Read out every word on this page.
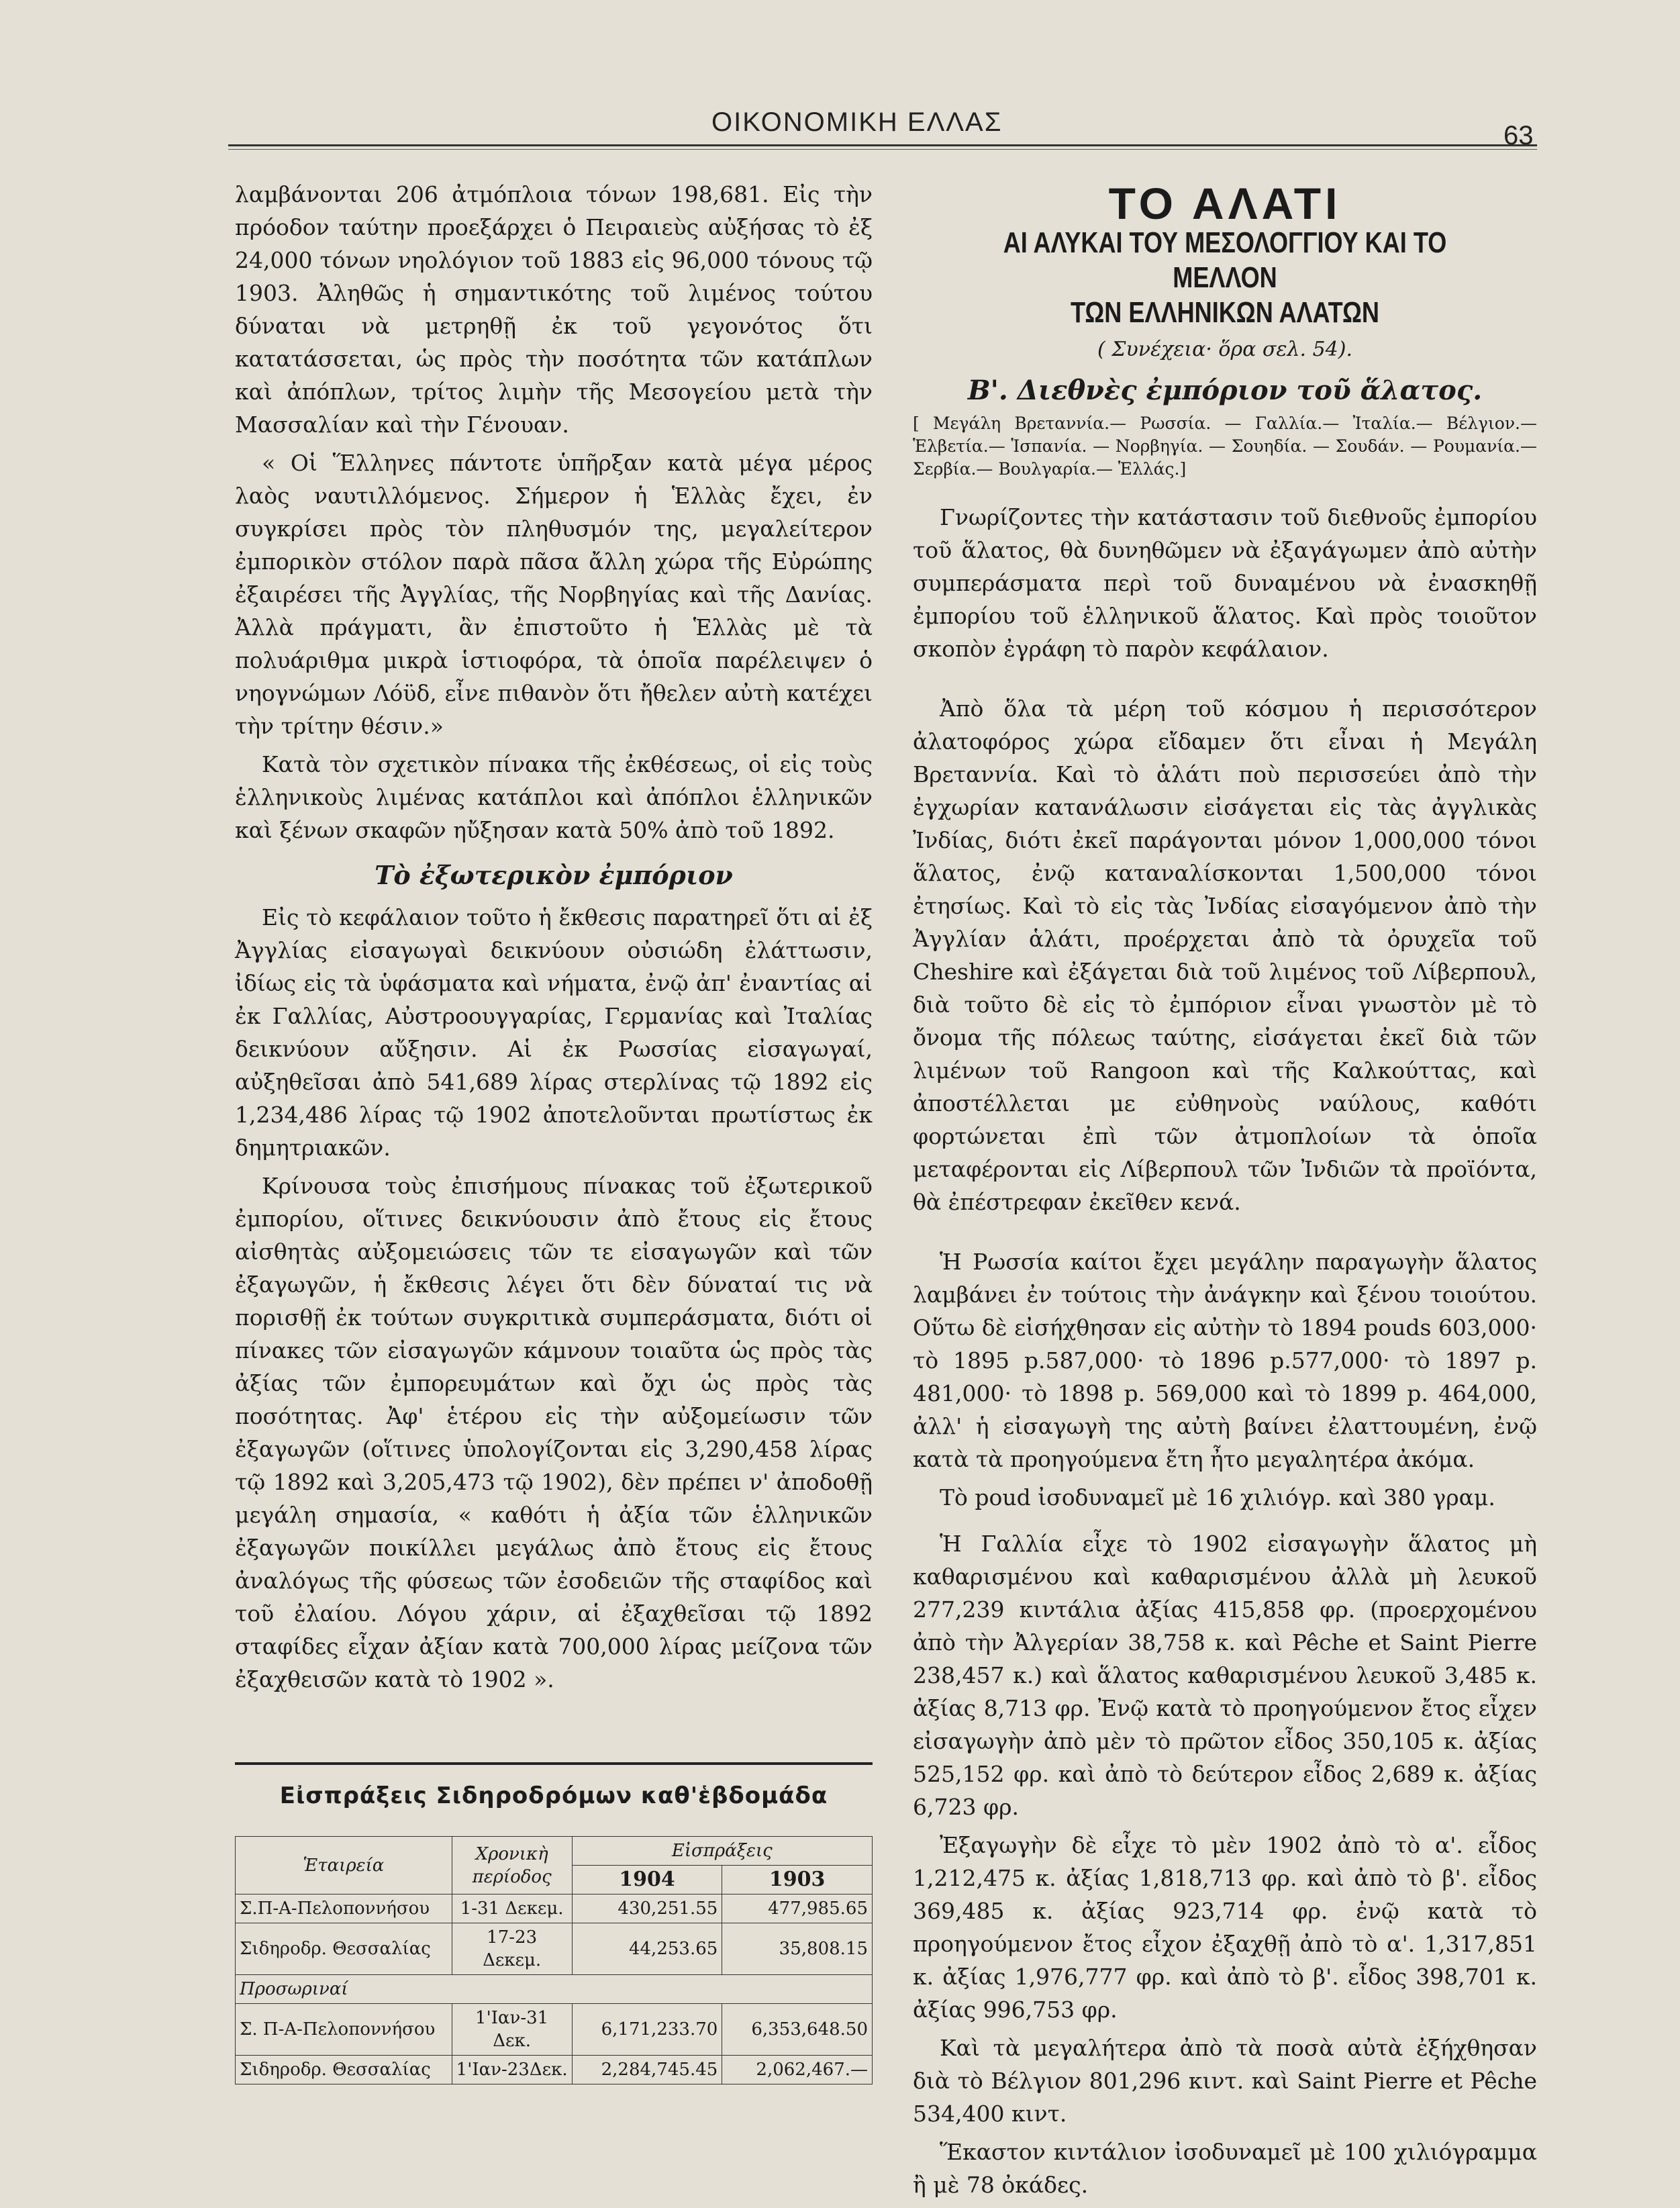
ΟΙΚΟΝΟΜΙΚΗ ΕΛΛΑΣ	63

λαμβάνονται 206 ἀτμόπλοια τόνων 198,681. Εἰς τὴν πρόοδον ταύτην προεξάρχει ὁ Πειραιεὺς αὐξήσας τὸ ἐξ 24,000 τόνων νηολόγιον τοῦ 1883 εἰς 96,000 τόνους τῷ 1903. Ἀληθῶς ἡ σημαντικότης τοῦ λιμένος τούτου δύναται νὰ μετρηθῇ ἐκ τοῦ γεγονότος ὅτι κατατάσσεται, ὡς πρὸς τὴν ποσότητα τῶν κατάπλων καὶ ἀπόπλων, τρίτος λιμὴν τῆς Μεσογείου μετὰ τὴν Μασσαλίαν καὶ τὴν Γένουαν.

« Οἱ Ἕλληνες πάντοτε ὑπῆρξαν κατὰ μέγα μέρος λαὸς ναυτιλλόμενος. Σήμερον ἡ Ἑλλὰς ἔχει, ἐν συγκρίσει πρὸς τὸν πληθυσμόν της, μεγαλείτερον ἐμπορικὸν στόλον παρὰ πᾶσα ἄλλη χώρα τῆς Εὐρώπης ἐξαιρέσει τῆς Ἀγγλίας, τῆς Νορβηγίας καὶ τῆς Δανίας. Ἀλλὰ πράγματι, ἂν ἐπιστοῦτο ἡ Ἑλλὰς μὲ τὰ πολυάριθμα μικρὰ ἱστιοφόρα, τὰ ὁποῖα παρέλειψεν ὁ νηογνώμων Λόϋδ, εἶνε πιθανὸν ὅτι ἤθελεν αὐτὴ κατέχει τὴν τρίτην θέσιν.»

Κατὰ τὸν σχετικὸν πίνακα τῆς ἐκθέσεως, οἱ εἰς τοὺς ἑλληνικοὺς λιμένας κατάπλοι καὶ ἀπόπλοι ἑλληνικῶν καὶ ξένων σκαφῶν ηὔξησαν κατὰ 50% ἀπὸ τοῦ 1892.

Τὸ ἐξωτερικὸν ἐμπόριον

Εἰς τὸ κεφάλαιον τοῦτο ἡ ἔκθεσις παρατηρεῖ ὅτι αἱ ἐξ Ἀγγλίας εἰσαγωγαὶ δεικνύουν οὐσιώδη ἐλάττωσιν, ἰδίως εἰς τὰ ὑφάσματα καὶ νήματα, ἐνῷ ἀπ' ἐναντίας αἱ ἐκ Γαλλίας, Αὐστροουγγαρίας, Γερμανίας καὶ Ἰταλίας δεικνύουν αὔξησιν. Αἱ ἐκ Ρωσσίας εἰσαγωγαί, αὐξηθεῖσαι ἀπὸ 541,689 λίρας στερλίνας τῷ 1892 εἰς 1,234,486 λίρας τῷ 1902 ἀποτελοῦνται πρωτίστως ἐκ δημητριακῶν.

Κρίνουσα τοὺς ἐπισήμους πίνακας τοῦ ἐξωτερικοῦ ἐμπορίου, οἵτινες δεικνύουσιν ἀπὸ ἔτους εἰς ἔτους αἰσθητὰς αὐξομειώσεις τῶν τε εἰσαγωγῶν καὶ τῶν ἐξαγωγῶν, ἡ ἔκθεσις λέγει ὅτι δὲν δύναταί τις νὰ πορισθῇ ἐκ τούτων συγκριτικὰ συμπεράσματα, διότι οἱ πίνακες τῶν εἰσαγωγῶν κάμνουν τοιαῦτα ὡς πρὸς τὰς ἀξίας τῶν ἐμπορευμάτων καὶ ὄχι ὡς πρὸς τὰς ποσότητας. Ἀφ' ἑτέρου εἰς τὴν αὐξομείωσιν τῶν ἐξαγωγῶν (οἵτινες ὑπολογίζονται εἰς 3,290,458 λίρας τῷ 1892 καὶ 3,205,473 τῷ 1902), δὲν πρέπει ν' ἀποδοθῇ μεγάλη σημασία, « καθότι ἡ ἀξία τῶν ἑλληνικῶν ἐξαγωγῶν ποικίλλει μεγάλως ἀπὸ ἔτους εἰς ἔτους ἀναλόγως τῆς φύσεως τῶν ἐσοδειῶν τῆς σταφίδος καὶ τοῦ ἐλαίου. Λόγου χάριν, αἱ ἐξαχθεῖσαι τῷ 1892 σταφίδες εἶχαν ἀξίαν κατὰ 700,000 λίρας μείζονα τῶν ἐξαχθεισῶν κατὰ τὸ 1902 ».

Εἰσπράξεις Σιδηροδρόμων καθ'ἑβδομάδα
Ἑταιρεία	Χρονικὴ περίοδος	Εἰσπράξεις	
		1904	1903
Σ.Π-Α-Πελοποννήσου	1-31 Δεκεμ.	430,251.55	477,985.65
Σιδηροδρ. Θεσσαλίας	17-23 Δεκεμ.	44,253.65	35,808.15
Προσωριναί			
Σ. Π-Α-Πελοποννήσου	1'Ιαν-31 Δεκ.	6,171,233.70	6,353,648.50
Σιδηροδρ. Θεσσαλίας	1'Ιαν-23Δεκ.	2,284,745.45	2,062,467.—
ΤΟ ΑΛΑΤΙ
ΑΙ ΑΛΥΚΑΙ ΤΟΥ ΜΕΣΟΛΟΓΓΙΟΥ ΚΑΙ ΤΟ ΜΕΛΛΟΝ
ΤΩΝ ΕΛΛΗΝΙΚΩΝ ΑΛΑΤΩΝ
( Συνέχεια· ὅρα σελ. 54).
Β'. Διεθνὲς ἐμπόριον τοῦ ἅλατος.
[ Μεγάλη Βρεταννία.— Ρωσσία. — Γαλλία.— Ἰταλία.— Βέλγιον.— Ἑλβετία.— Ἱσπανία. — Νορβηγία. — Σουηδία. — Σουδάν. — Ρουμανία.— Σερβία.— Βουλγαρία.— Ἑλλάς.]

Γνωρίζοντες τὴν κατάστασιν τοῦ διεθνοῦς ἐμπορίου τοῦ ἅλατος, θὰ δυνηθῶμεν νὰ ἐξαγάγωμεν ἀπὸ αὐτὴν συμπεράσματα περὶ τοῦ δυναμένου νὰ ἐνασκηθῇ ἐμπορίου τοῦ ἑλληνικοῦ ἅλατος. Καὶ πρὸς τοιοῦτον σκοπὸν ἐγράφη τὸ παρὸν κεφάλαιον.

Ἀπὸ ὅλα τὰ μέρη τοῦ κόσμου ἡ περισσότερον ἀλατοφόρος χώρα εἴδαμεν ὅτι εἶναι ἡ Μεγάλη Βρεταννία. Καὶ τὸ ἁλάτι ποὺ περισσεύει ἀπὸ τὴν ἐγχωρίαν κατανάλωσιν εἰσάγεται εἰς τὰς ἀγγλικὰς Ἰνδίας, διότι ἐκεῖ παράγονται μόνον 1,000,000 τόνοι ἅλατος, ἐνῷ καταναλίσκονται 1,500,000 τόνοι ἐτησίως. Καὶ τὸ εἰς τὰς Ἰνδίας εἰσαγόμενον ἀπὸ τὴν Ἀγγλίαν ἁλάτι, προέρχεται ἀπὸ τὰ ὀρυχεῖα τοῦ Cheshire καὶ ἐξάγεται διὰ τοῦ λιμένος τοῦ Λίβερπουλ, διὰ τοῦτο δὲ εἰς τὸ ἐμπόριον εἶναι γνωστὸν μὲ τὸ ὄνομα τῆς πόλεως ταύτης, εἰσάγεται ἐκεῖ διὰ τῶν λιμένων τοῦ Rangoon καὶ τῆς Καλκούττας, καὶ ἀποστέλλεται με εὐθηνοὺς ναύλους, καθότι φορτώνεται ἐπὶ τῶν ἀτμοπλοίων τὰ ὁποῖα μεταφέρονται εἰς Λίβερπουλ τῶν Ἰνδιῶν τὰ προϊόντα, θὰ ἐπέστρεφαν ἐκεῖθεν κενά.

Ἡ Ρωσσία καίτοι ἔχει μεγάλην παραγωγὴν ἅλατος λαμβάνει ἐν τούτοις τὴν ἀνάγκην καὶ ξένου τοιούτου. Οὕτω δὲ εἰσήχθησαν εἰς αὐτὴν τὸ 1894 pouds 603,000· τὸ 1895 p.587,000· τὸ 1896 p.577,000· τὸ 1897 p. 481,000· τὸ 1898 p. 569,000 καὶ τὸ 1899 p. 464,000, ἀλλ' ἡ εἰσαγωγὴ της αὐτὴ βαίνει ἐλαττουμένη, ἐνῷ κατὰ τὰ προηγούμενα ἔτη ἦτο μεγαλητέρα ἀκόμα.

Τὸ poud ἰσοδυναμεῖ μὲ 16 χιλιόγρ. καὶ 380 γραμ.

Ἡ Γαλλία εἶχε τὸ 1902 εἰσαγωγὴν ἅλατος μὴ καθαρισμένου καὶ καθαρισμένου ἀλλὰ μὴ λευκοῦ 277,239 κιντάλια ἀξίας 415,858 φρ. (προερχομένου ἀπὸ τὴν Ἀλγερίαν 38,758 κ. καὶ Pêche et Saint Pierre 238,457 κ.) καὶ ἅλατος καθαρισμένου λευκοῦ 3,485 κ. ἀξίας 8,713 φρ. Ἐνῷ κατὰ τὸ προηγούμενον ἔτος εἶχεν εἰσαγωγὴν ἀπὸ μὲν τὸ πρῶτον εἶδος 350,105 κ. ἀξίας 525,152 φρ. καὶ ἀπὸ τὸ δεύτερον εἶδος 2,689 κ. ἀξίας 6,723 φρ.

Ἐξαγωγὴν δὲ εἶχε τὸ μὲν 1902 ἀπὸ τὸ α'. εἶδος 1,212,475 κ. ἀξίας 1,818,713 φρ. καὶ ἀπὸ τὸ β'. εἶδος 369,485 κ. ἀξίας 923,714 φρ. ἐνῷ κατὰ τὸ προηγούμενον ἔτος εἶχον ἐξαχθῇ ἀπὸ τὸ α'. 1,317,851 κ. ἀξίας 1,976,777 φρ. καὶ ἀπὸ τὸ β'. εἶδος 398,701 κ. ἀξίας 996,753 φρ.

Καὶ τὰ μεγαλήτερα ἀπὸ τὰ ποσὰ αὐτὰ ἐξήχθησαν διὰ τὸ Βέλγιον 801,296 κιντ. καὶ Saint Pierre et Pêche 534,400 κιντ.

Ἕκαστον κιντάλιον ἰσοδυναμεῖ μὲ 100 χιλιόγραμμα ἢ μὲ 78 ὀκάδες.
